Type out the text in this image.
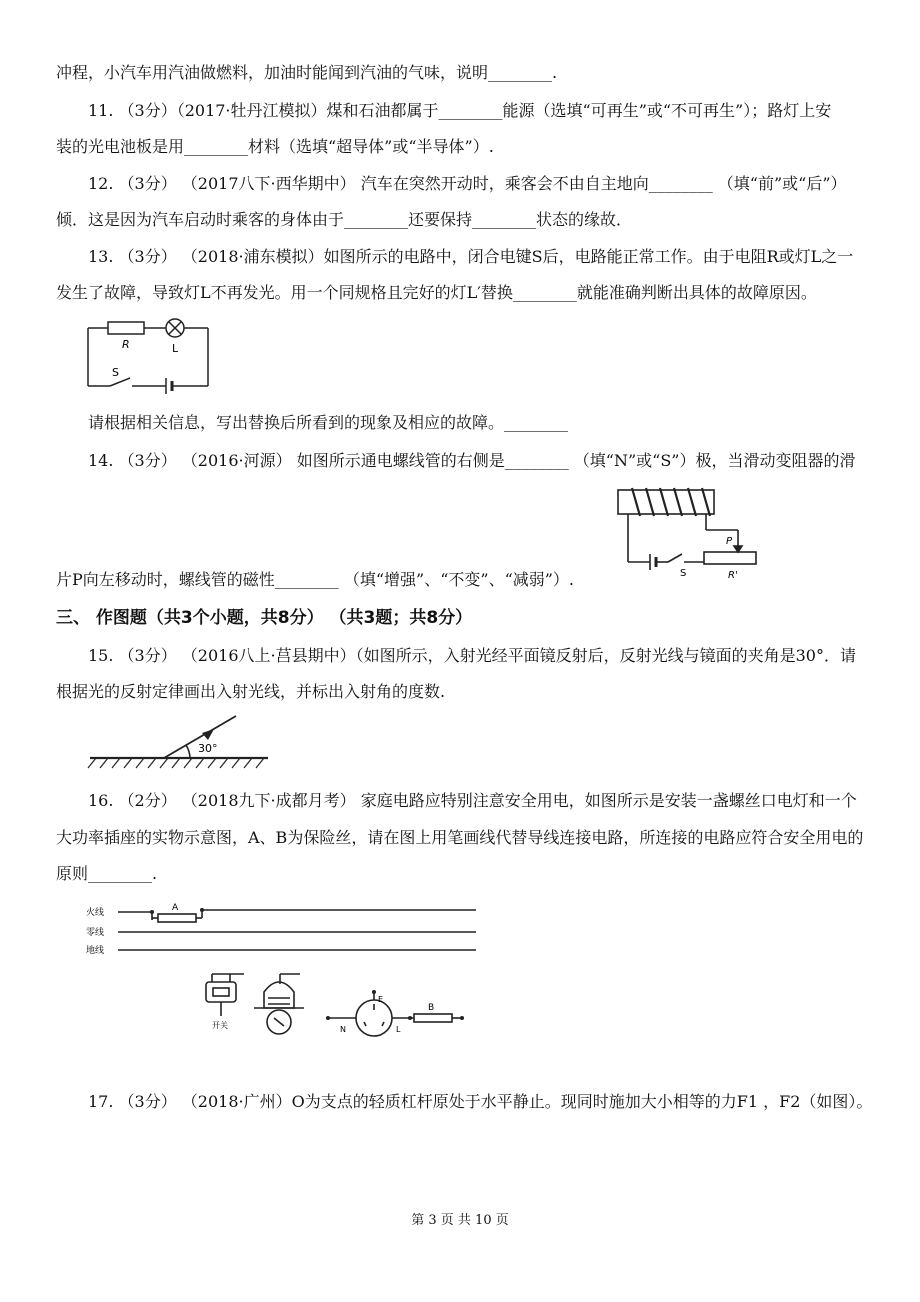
冲程，小汽车用汽油做燃料，加油时能闻到汽油的气味，说明________.
11. （3分）（2017·牡丹江模拟）煤和石油都属于________能源（选填“可再生”或“不可再生”）；路灯上安
装的光电池板是用________材料（选填“超导体”或“半导体”）.
12. （3分） （2017八下·西华期中） 汽车在突然开动时，乘客会不由自主地向________ （填“前”或“后”）
倾．这是因为汽车启动时乘客的身体由于________还要保持________状态的缘故．
13. （3分） （2018·浦东模拟）如图所示的电路中，闭合电键S后，电路能正常工作。由于电阻R或灯L之一
发生了故障，导致灯L不再发光。用一个同规格且完好的灯L′替换________就能准确判断出具体的故障原因。
R	L
S
请根据相关信息，写出替换后所看到的现象及相应的故障。________
14. （3分） （2016·河源） 如图所示通电螺线管的右侧是________ （填“N”或“S”）极，当滑动变阻器的滑
P
S	R'
片P向左移动时，螺线管的磁性________ （填“增强”、“不变”、“减弱”）.
三、 作图题（共3个小题，共8分） （共3题；共8分）
15. （3分） （2016八上·莒县期中）（如图所示，入射光经平面镜反射后，反射光线与镜面的夹角是30°．请
根据光的反射定律画出入射光线，并标出入射角的度数.
30°
16. （2分） （2018九下·成都月考） 家庭电路应特别注意安全用电，如图所示是安装一盏螺丝口电灯和一个
大功率插座的实物示意图，A、B为保险丝，请在图上用笔画线代替导线连接电路，所连接的电路应符合安全用电的
原则________.
火线
零线
地线
A
B
开关
E
N	L
17. （3分） （2018·广州）O为支点的轻质杠杆原处于水平静止。现同时施加大小相等的力F1 ，F2（如图）。
第 3 页 共 10 页
